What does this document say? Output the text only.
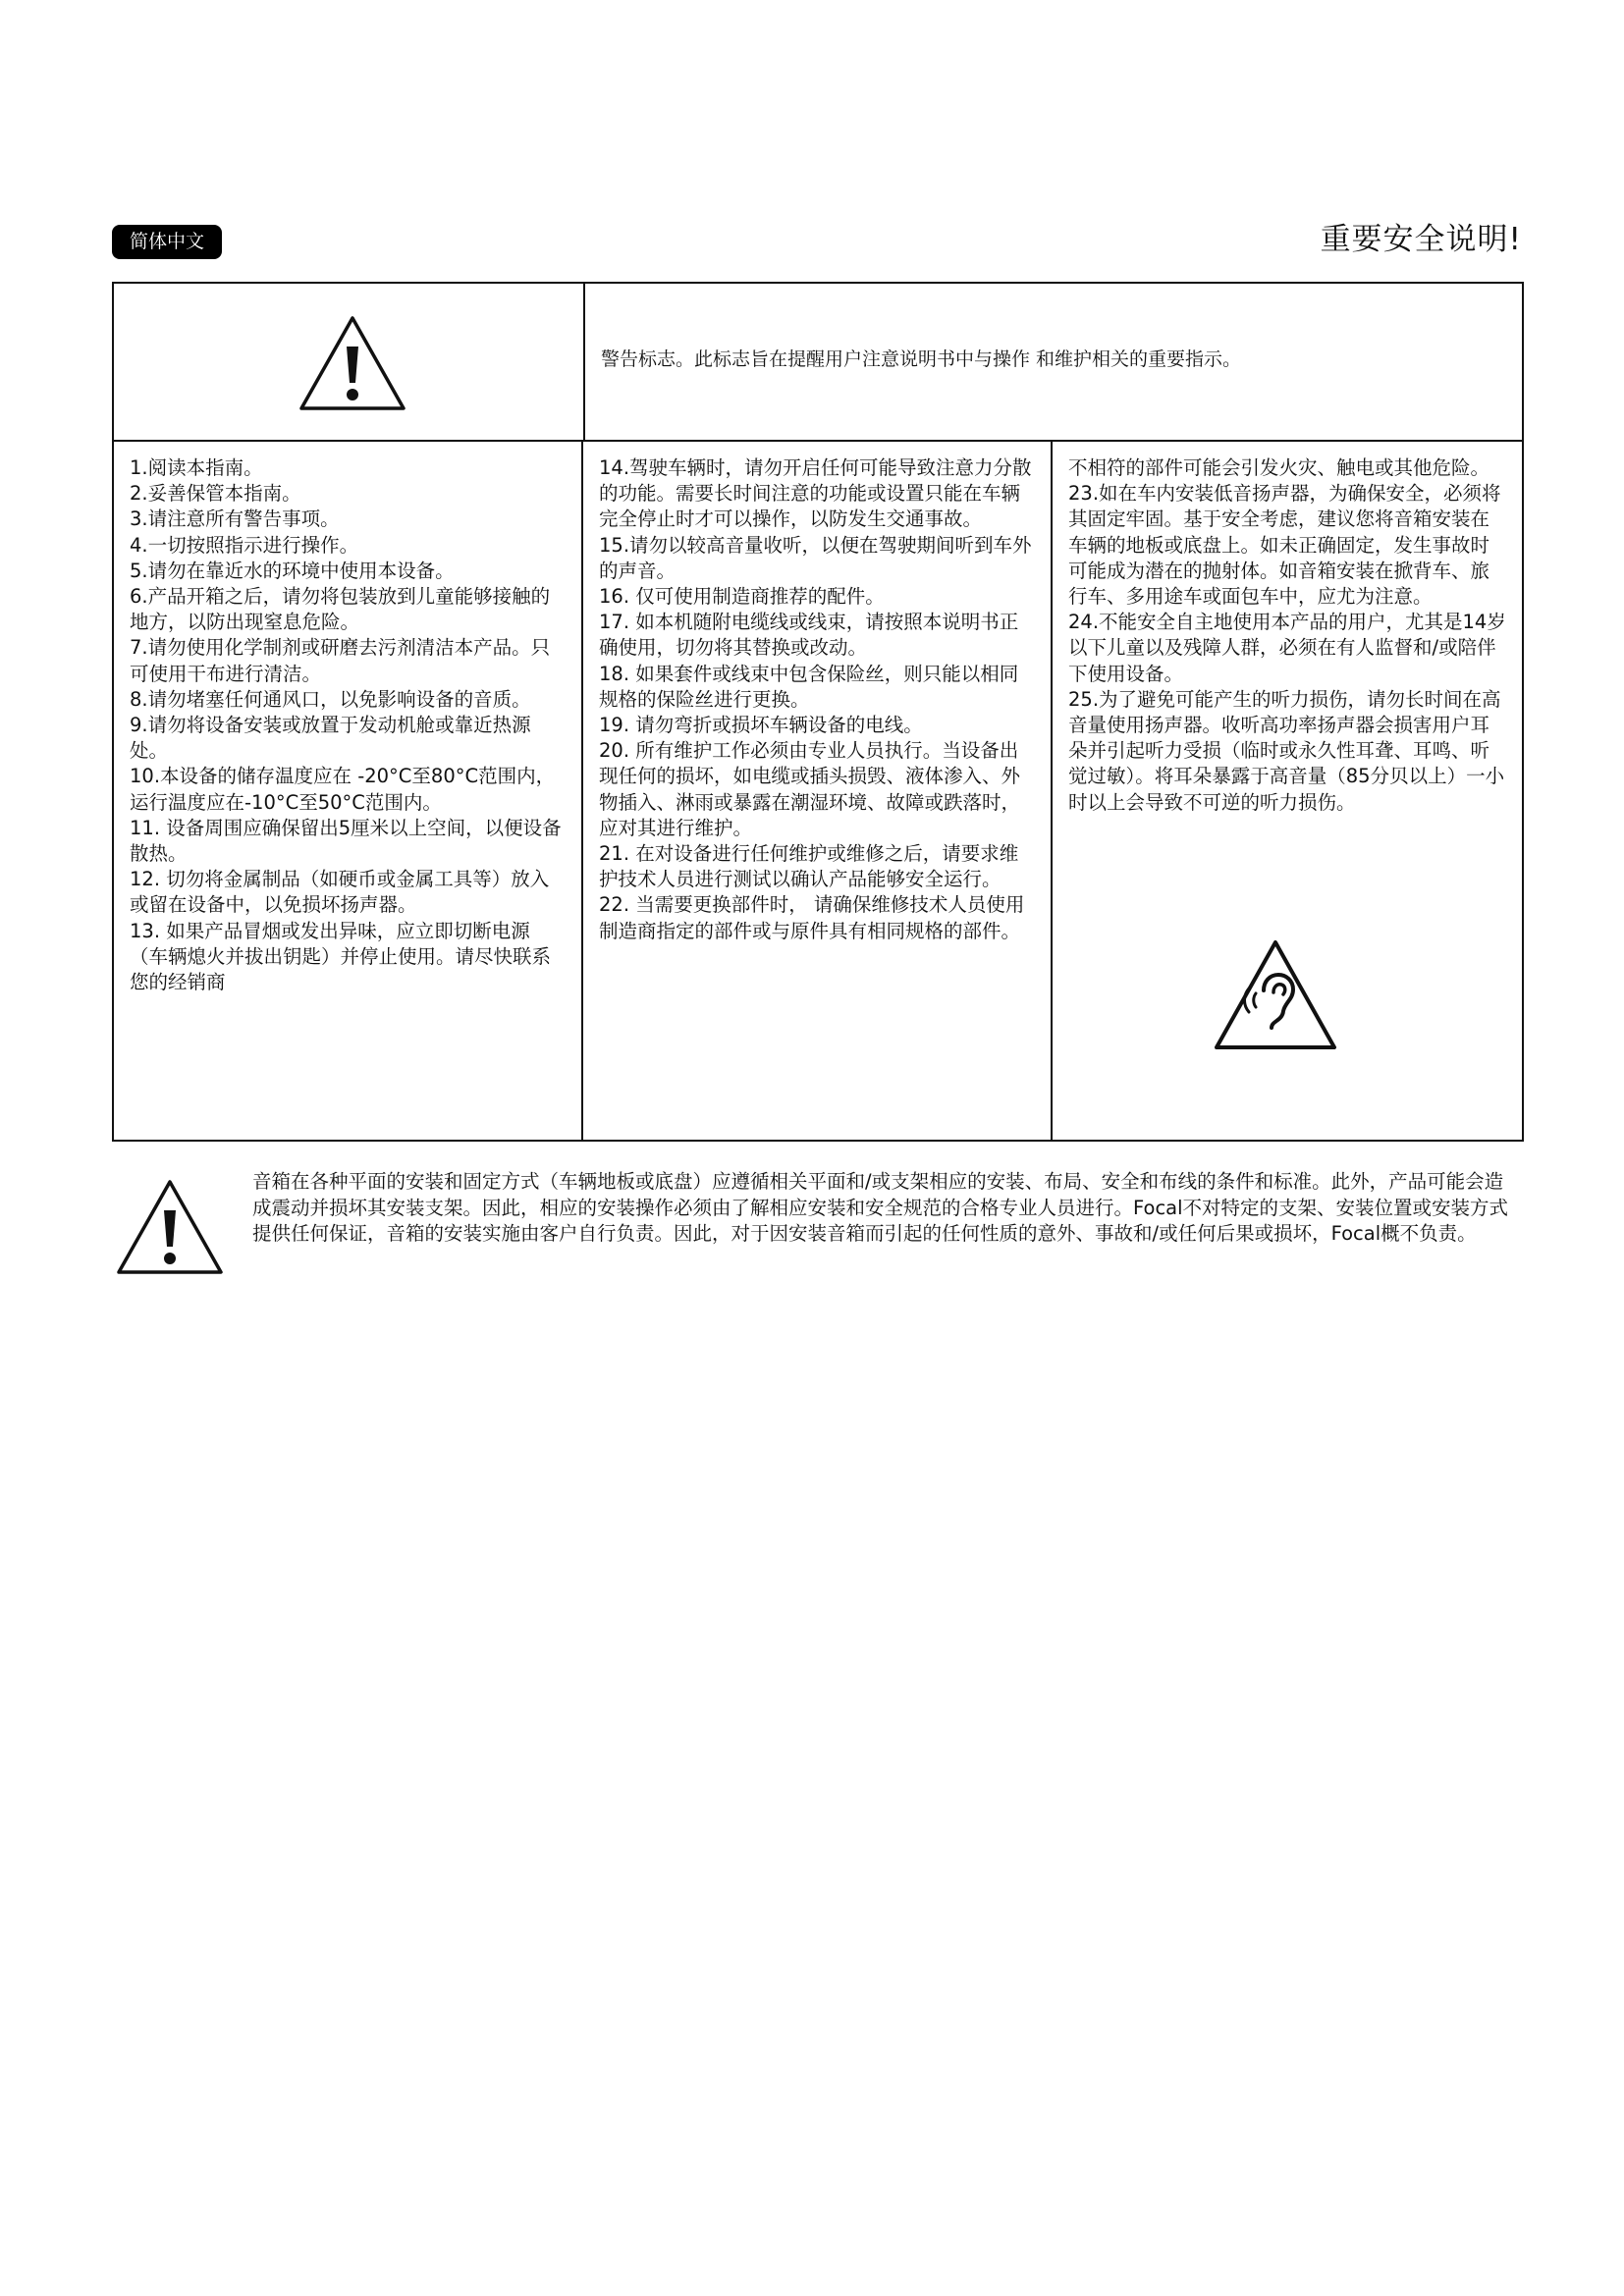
简体中文	重要安全说明!
警告标志。此标志旨在提醒用户注意说明书中与操作 和维护相关的重要指示。

1.阅读本指南。

2.妥善保管本指南。

3.请注意所有警告事项。

4.一切按照指示进行操作。

5.请勿在靠近水的环境中使用本设备。

6.产品开箱之后，请勿将包装放到儿童能够接触的地方，以防出现窒息危险。

7.请勿使用化学制剂或研磨去污剂清洁本产品。只可使用干布进行清洁。

8.请勿堵塞任何通风口，以免影响设备的音质。

9.请勿将设备安装或放置于发动机舱或靠近热源处。

10.本设备的储存温度应在 -20°C至80°C范围内，运行温度应在-10°C至50°C范围内。

11. 设备周围应确保留出5厘米以上空间，以便设备散热。

12. 切勿将金属制品（如硬币或金属工具等）放入或留在设备中，以免损坏扬声器。

13. 如果产品冒烟或发出异味，应立即切断电源（车辆熄火并拔出钥匙）并停止使用。请尽快联系您的经销商

14.驾驶车辆时，请勿开启任何可能导致注意力分散的功能。需要长时间注意的功能或设置只能在车辆完全停止时才可以操作，以防发生交通事故。

15.请勿以较高音量收听，以便在驾驶期间听到车外的声音。

16. 仅可使用制造商推荐的配件。

17. 如本机随附电缆线或线束，请按照本说明书正确使用，切勿将其替换或改动。

18. 如果套件或线束中包含保险丝，则只能以相同规格的保险丝进行更换。

19. 请勿弯折或损坏车辆设备的电线。

20. 所有维护工作必须由专业人员执行。当设备出现任何的损坏，如电缆或插头损毁、液体渗入、外物插入、淋雨或暴露在潮湿环境、故障或跌落时，应对其进行维护。

21. 在对设备进行任何维护或维修之后，请要求维护技术人员进行测试以确认产品能够安全运行。

22. 当需要更换部件时， 请确保维修技术人员使用制造商指定的部件或与原件具有相同规格的部件。

不相符的部件可能会引发火灾、触电或其他危险。

23.如在车内安装低音扬声器，为确保安全，必须将其固定牢固。基于安全考虑，建议您将音箱安装在车辆的地板或底盘上。如未正确固定，发生事故时可能成为潜在的抛射体。如音箱安装在掀背车、旅行车、多用途车或面包车中，应尤为注意。

24.不能安全自主地使用本产品的用户，尤其是14岁以下儿童以及残障人群，必须在有人监督和/或陪伴下使用设备。

25.为了避免可能产生的听力损伤，请勿长时间在高音量使用扬声器。收听高功率扬声器会损害用户耳朵并引起听力受损（临时或永久性耳聋、耳鸣、听觉过敏）。将耳朵暴露于高音量（85分贝以上）一小时以上会导致不可逆的听力损伤。

音箱在各种平面的安装和固定方式（车辆地板或底盘）应遵循相关平面和/或支架相应的安装、布局、安全和布线的条件和标准。此外，产品可能会造成震动并损坏其安装支架。因此，相应的安装操作必须由了解相应安装和安全规范的合格专业人员进行。Focal不对特定的支架、安装位置或安装方式提供任何保证，音箱的安装实施由客户自行负责。因此，对于因安装音箱而引起的任何性质的意外、事故和/或任何后果或损坏，Focal概不负责。
